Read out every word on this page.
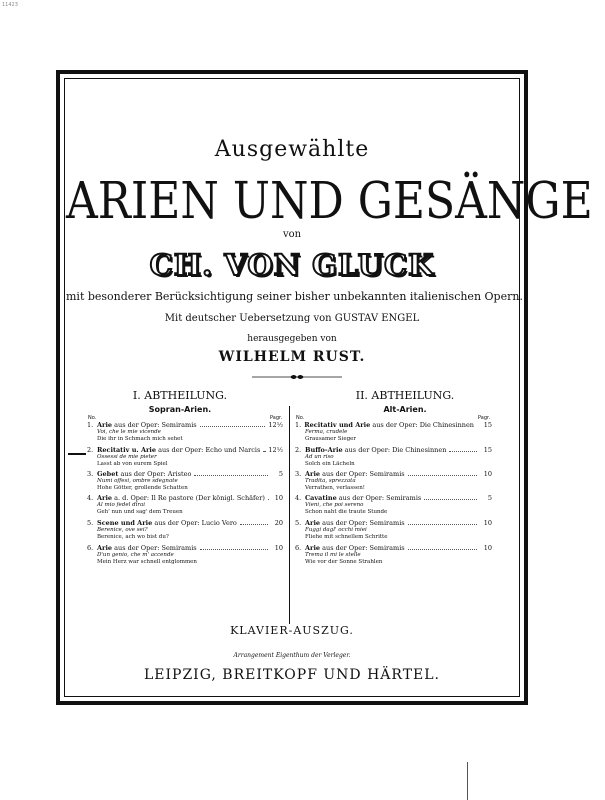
11423
Ausgewählte
ARIEN UND GESÄNGE
von
CH. VON GLUCK
mit besonderer Berücksichtigung seiner bisher unbekannten italienischen Opern.
Mit deutscher Uebersetzung von GUSTAV ENGEL
herausgegeben von
WILHELM RUST.
I. ABTHEILUNG.
Sopran-Arien.
II. ABTHEILUNG.
Alt-Arien.
No.	Pagr.	No.	Pagr.
1. Arie aus der Oper: Semiramis	12½
Voi, che le mie vicende
Die ihr in Schmach mich sehet
2. Recitativ u. Arie aus der Oper: Echo und Narcis 12½
Ossessi de mie pieter
Lasst ab von eurem Spiel
3. Gebet aus der Oper: Aristeo	5
Numi offesi, ombre sdegnate
Hohe Götter, grollende Schatten
4. Arie a. d. Oper: Il Re pastore (Der königl. Schäfer)	10
Al mio fedel dirai
Geh' nun und sag' dem Treuen
5. Scene und Arie aus der Oper: Lucio Vero	20
Berenice, ove sei?
Berenice, ach wo bist du?
6. Arie aus der Oper: Semiramis	10
D'un genio, che m' accende
Mein Herz war schnell entglommen
1. Recitativ und Arie aus der Oper: Die Chinesinnen	15
Ferma, crudele
Grausamer Sieger
2. Buffo-Arie aus der Oper: Die Chinesinnen	15
Ad un riso
Solch ein Lächeln
3. Arie aus der Oper: Semiramis	10
Tradita, sprezzata
Verrathen, verlassen!
4. Cavatine aus der Oper: Semiramis	5
Vieni, che poi sereno
Schon naht die traute Stunde
5. Arie aus der Oper: Semiramis	10
Fuggi dagl' occhi miei
Fliehe mit schnellem Schritte
6. Arie aus der Oper: Semiramis	10
Trema il mi le stelle
Wie vor der Sonne Strahlen
KLAVIER-AUSZUG.
Arrangement Eigenthum der Verleger.
LEIPZIG, BREITKOPF UND HÄRTEL.
